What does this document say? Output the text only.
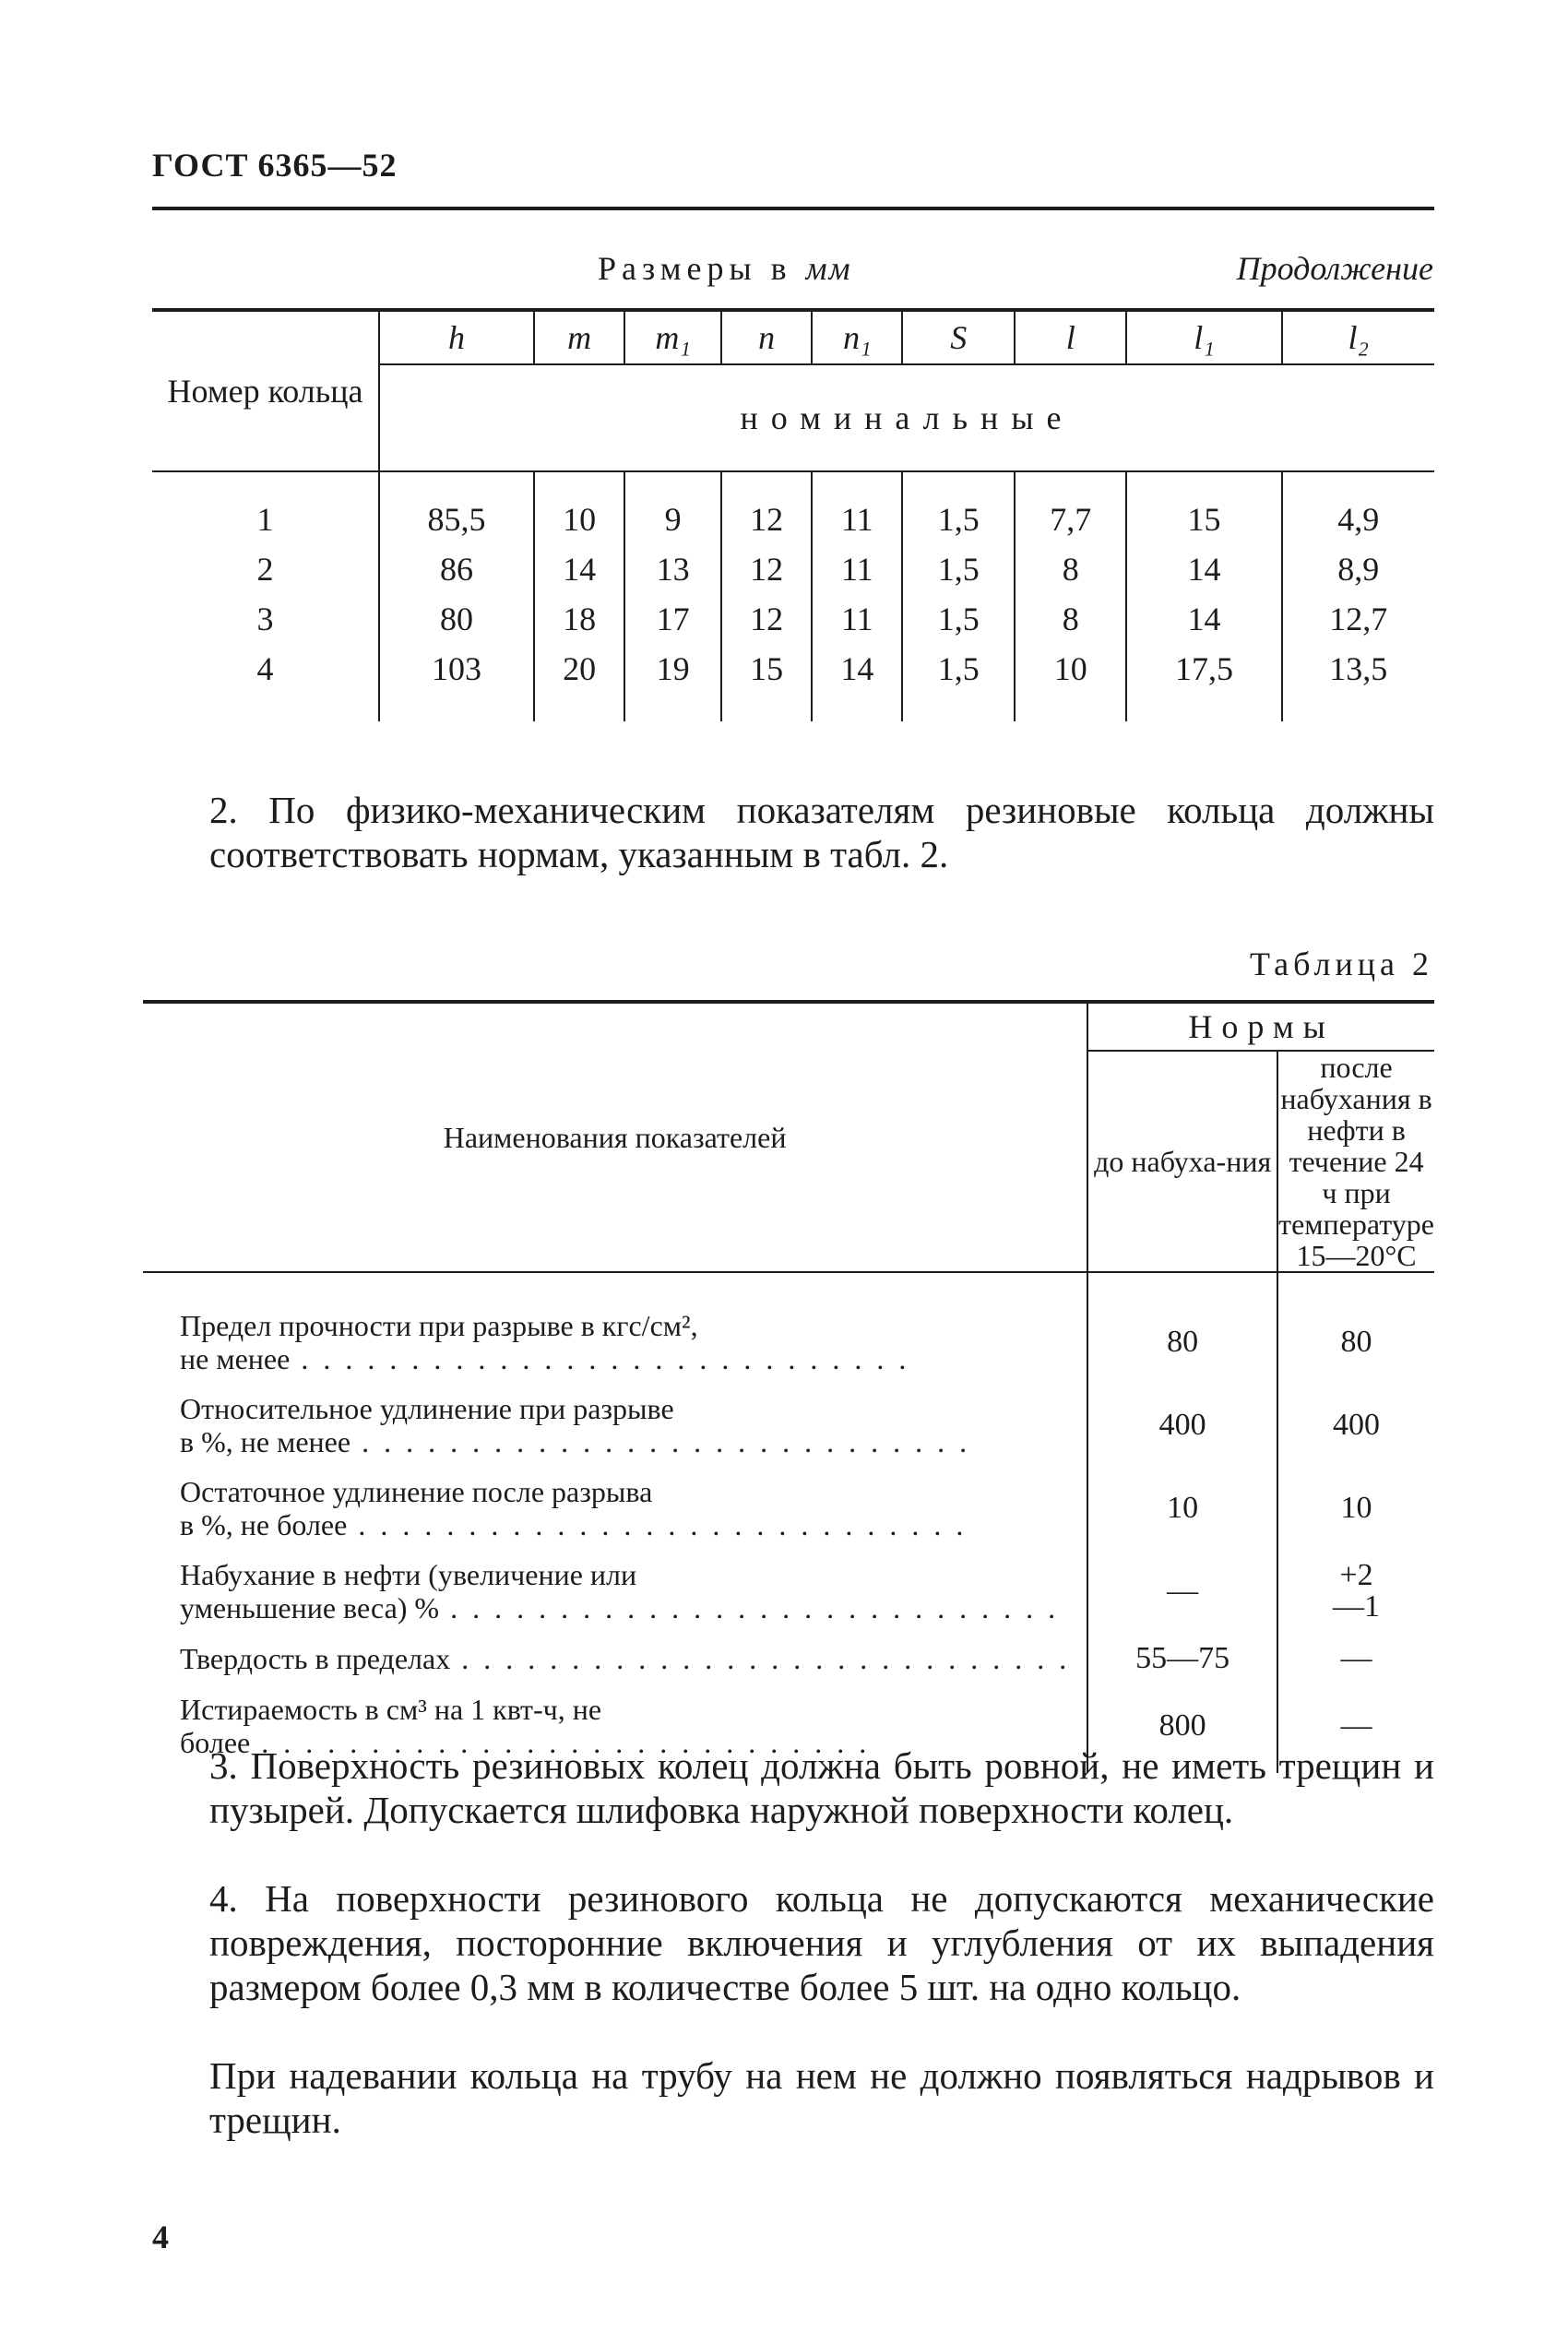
ГОСТ 6365—52
Размеры в мм	Продолжение
Номер кольца	h	m	m₁	n	n₁	S	l	l₁	l₂
	номинальные								
1	85,5	10	9	12	11	1,5	7,7	15	4,9
2	86	14	13	12	11	1,5	8	14	8,9
3	80	18	17	12	11	1,5	8	14	12,7
4	103	20	19	15	14	1,5	10	17,5	13,5
2. По физико-механическим показателям резиновые кольца должны соответствовать нормам, указанным в табл. 2.
Таблица 2
Наименования показателей	Нормы	
	до набуха-ния	после набухания в нефти в течение 24 ч при температуре 15—20°C

Предел прочности при разрыве в кгс/см²,
не менее . . .	80	80

Относительное удлинение при разрыве
в %, не менее . . .	400	400

Остаточное удлинение после разрыва
в %, не более . . .	10	10

Набухание в нефти (увеличение или
уменьшение веса) % . . .	—	+2
—1

Твердость в пределах . . .	55—75	—

Истираемость в см³ на 1 квт-ч, не
более . . .	800	—
3. Поверхность резиновых колец должна быть ровной, не иметь трещин и пузырей. Допускается шлифовка наружной поверхности колец.
4. На поверхности резинового кольца не допускаются механические повреждения, посторонние включения и углубления от их выпадения размером более 0,3 мм в количестве более 5 шт. на одно кольцо.
При надевании кольца на трубу на нем не должно появляться надрывов и трещин.
4
